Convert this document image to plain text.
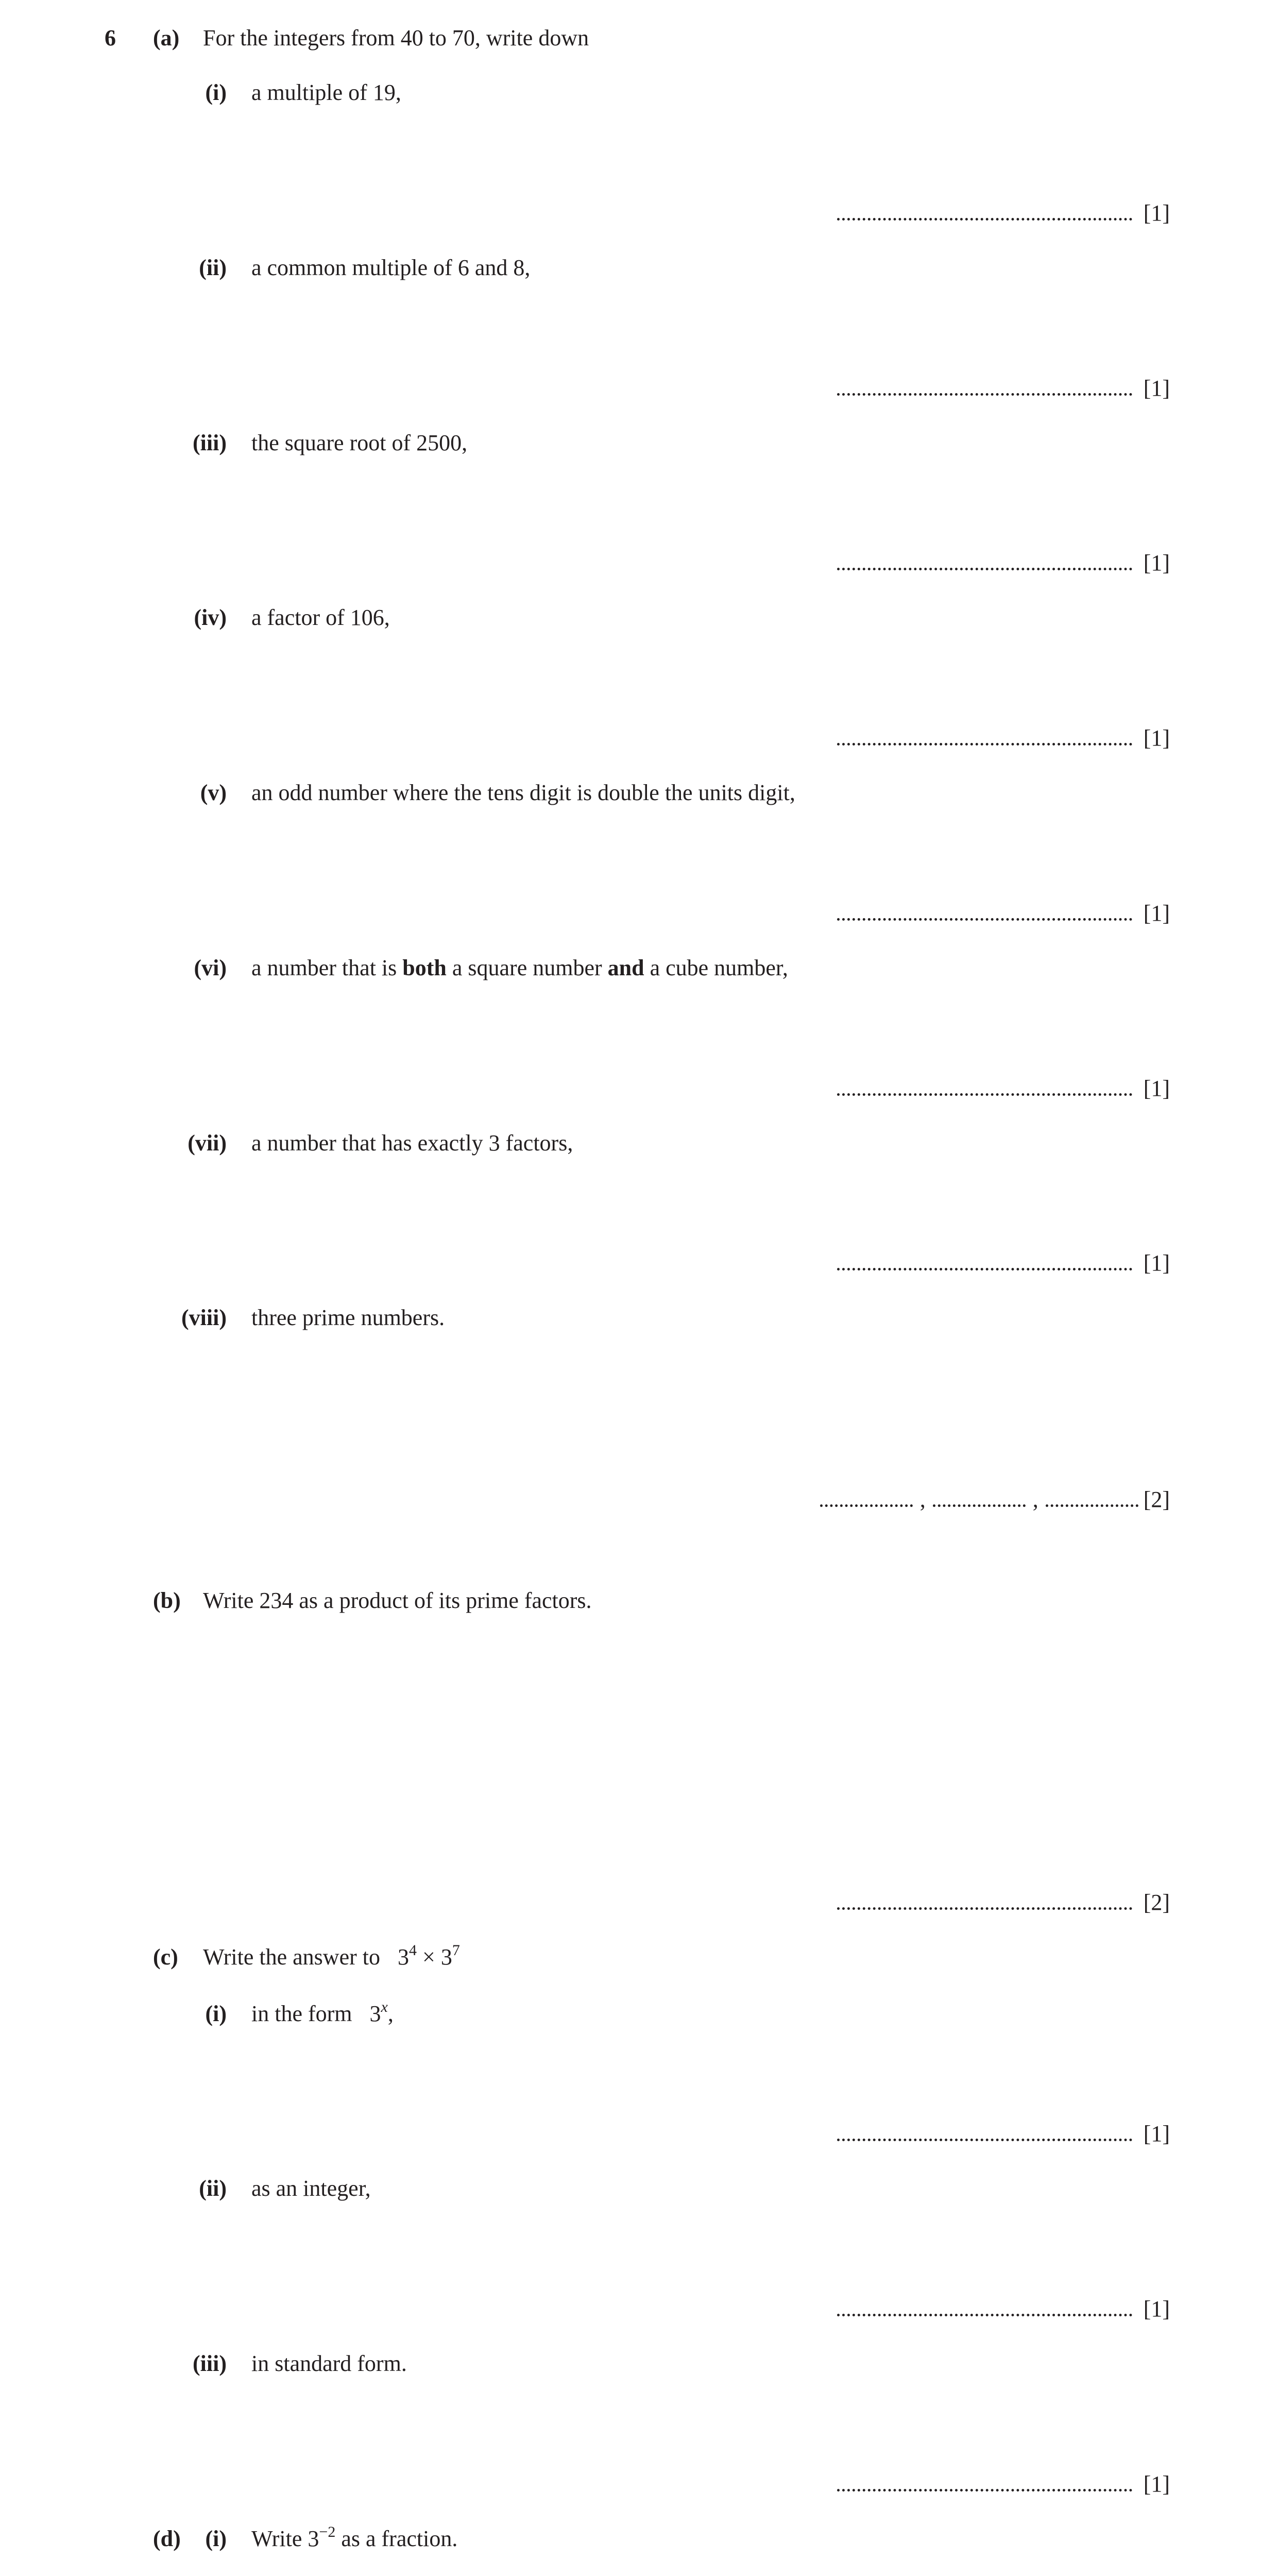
6 (a) For the integers from 40 to 70, write down
(i) a multiple of 19,
[1]
(ii) a common multiple of 6 and 8,
[1]
(iii) the square root of 2500,
[1]
(iv) a factor of 106,
[1]
(v) an odd number where the tens digit is double the units digit,
[1]
(vi) a number that is both a square number and a cube number,
[1]
(vii) a number that has exactly 3 factors,
[1]
(viii) three prime numbers.
,	,	[2]
(b) Write 234 as a product of its prime factors.
[2]
(c) Write the answer to $3^4 \times 3^7$
(i) in the form 3$^x$,
[1]
(ii) as an integer,
[1]
(iii) in standard form.
[1]
(d)	(i) Write $3^{-2}$ as a fraction.
